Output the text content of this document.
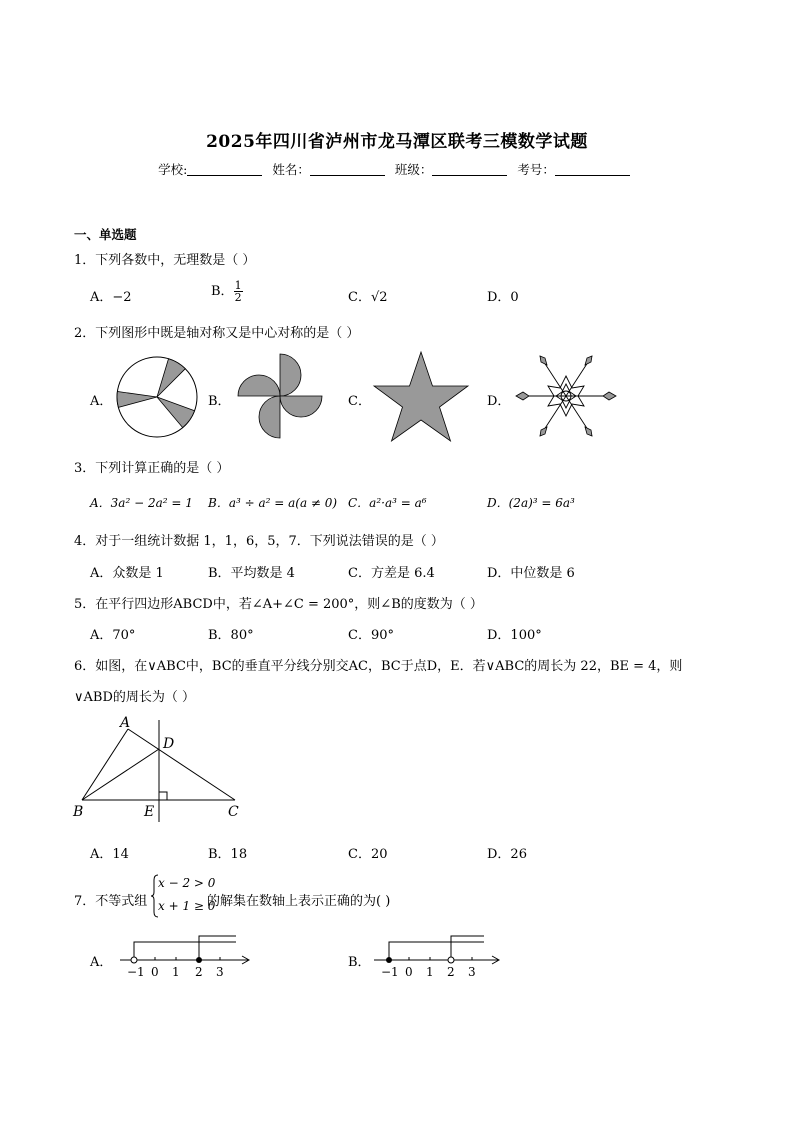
2025年四川省泸州市龙马潭区联考三模数学试题
学校:	姓名：	班级：	考号：
一、单选题
1．下列各数中，无理数是（ ）
A．−2	B． $\frac{1}{2}$	C．√2	D．0
2．下列图形中既是轴对称又是中心对称的是（ ）
A．	B．	C．	D．
3．下列计算正确的是（ ）
A．3a² − 2a² = 1 B．a³ ÷ a² = a(a ≠ 0) C．a²·a³ = a⁶	D．(2a)³ = 6a³
4．对于一组统计数据 1，1，6，5，7．下列说法错误的是（ ）
A．众数是 1	B．平均数是 4	C．方差是 6.4	D．中位数是 6
5．在平行四边形ABCD中，若∠A+∠C = 200°，则∠B的度数为（ ）
A．70°	B．80°	C．90°	D．100°
6．如图，在∨ABC中，BC的垂直平分线分别交AC，BC于点D，E．若∨ABC的周长为 22，BE = 4，则
∨ABD的周长为（ ）
A
D
B	E	C
A．14	B．18	C．20	D．26
7．不等式组
x − 2 > 0
x + 1 ≥ 0
的解集在数轴上表示正确的为( )
A．	B．
−1 0 1 2 3	−1 0 1 2 3
